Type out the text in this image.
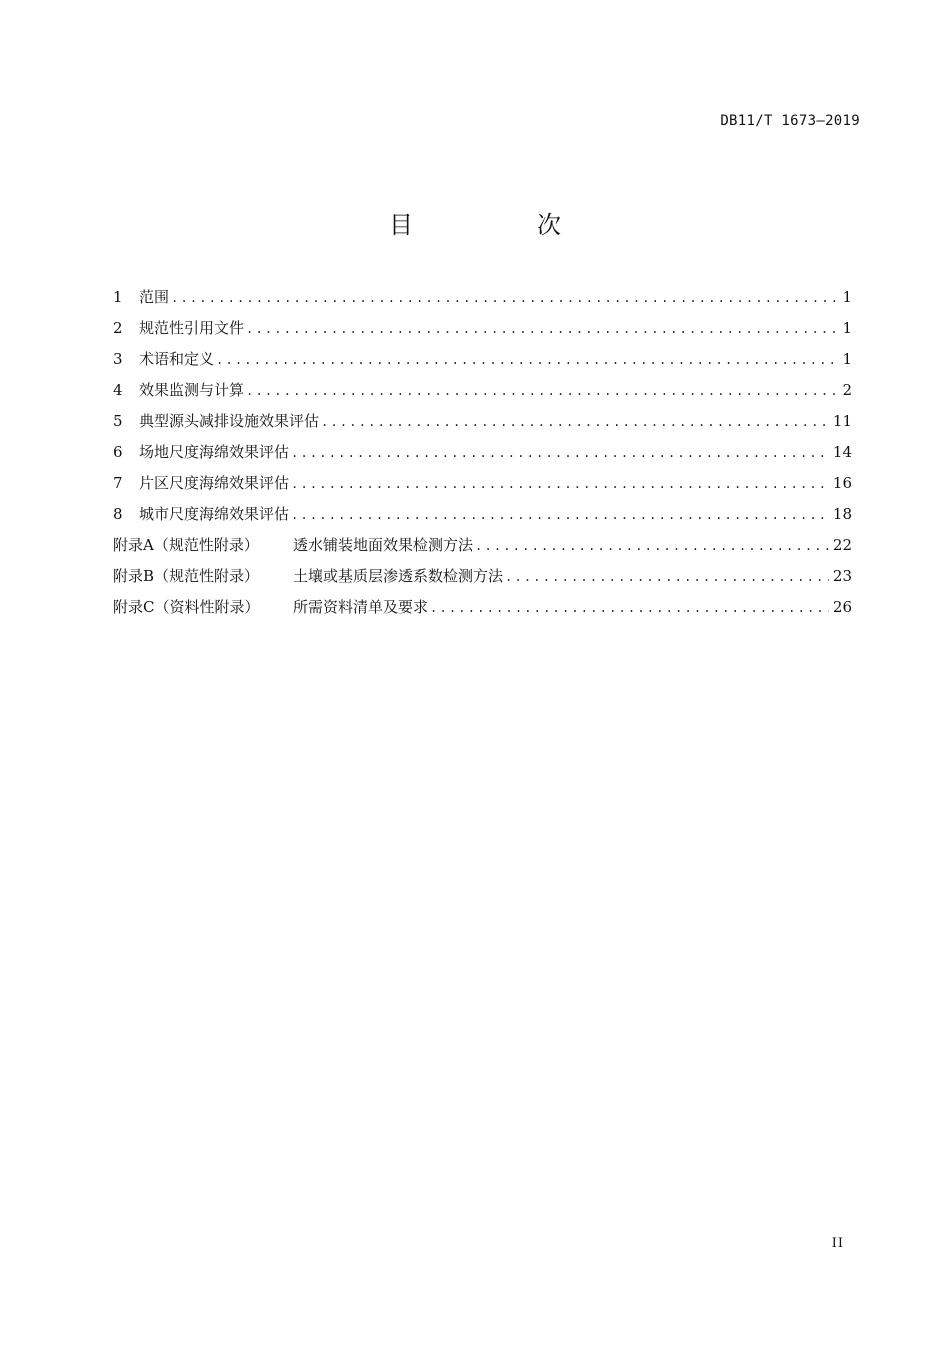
DB11/T 1673—2019
目　次
1	范围 .....	1
2	规范性引用文件 .....	1
3	术语和定义 .....	1
4	效果监测与计算 .....	2
5	典型源头减排设施效果评估 .....	11
6	场地尺度海绵效果评估 .....	14
7	片区尺度海绵效果评估 .....	16
8	城市尺度海绵效果评估 .....	18
附录A（规范性附录）	透水铺装地面效果检测方法 .....	22
附录B（规范性附录）	土壤或基质层渗透系数检测方法 .....	23
附录C（资料性附录）	所需资料清单及要求 .....	26
II
